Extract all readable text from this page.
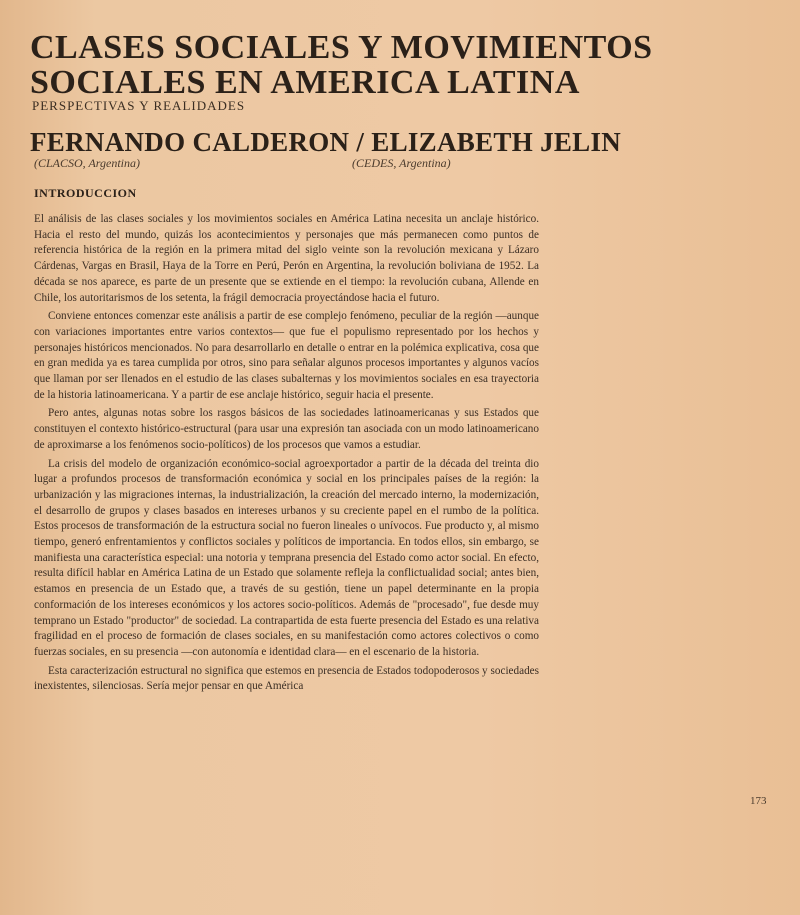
CLASES SOCIALES Y MOVIMIENTOS SOCIALES EN AMERICA LATINA
PERSPECTIVAS Y REALIDADES
FERNANDO CALDERON / ELIZABETH JELIN
(CLACSO, Argentina)	(CEDES, Argentina)
INTRODUCCION

El análisis de las clases sociales y los movimientos sociales en América Latina necesita un anclaje histórico. Hacia el resto del mundo, quizás los acontecimientos y personajes que más permanecen como puntos de referencia histórica de la región en la primera mitad del siglo veinte son la revolución mexicana y Lázaro Cárdenas, Vargas en Brasil, Haya de la Torre en Perú, Perón en Argentina, la revolución boliviana de 1952. La década se nos aparece, es parte de un presente que se extiende en el tiempo: la revolución cubana, Allende en Chile, los autoritarismos de los setenta, la frágil democracia proyectándose hacia el futuro.

Conviene entonces comenzar este análisis a partir de ese complejo fenómeno, peculiar de la región —aunque con variaciones importantes entre varios contextos— que fue el populismo representado por los hechos y personajes históricos mencionados. No para desarrollarlo en detalle o entrar en la polémica explicativa, cosa que en gran medida ya es tarea cumplida por otros, sino para señalar algunos procesos importantes y algunos vacíos que llaman por ser llenados en el estudio de las clases subalternas y los movimientos sociales en esa trayectoria de la historia latinoamericana. Y a partir de ese anclaje histórico, seguir hacia el presente.

Pero antes, algunas notas sobre los rasgos básicos de las sociedades latinoamericanas y sus Estados que constituyen el contexto histórico-estructural (para usar una expresión tan asociada con un modo latinoamericano de aproximarse a los fenómenos socio-políticos) de los procesos que vamos a estudiar.

La crisis del modelo de organización económico-social agroexportador a partir de la década del treinta dio lugar a profundos procesos de transformación económica y social en los principales países de la región: la urbanización y las migraciones internas, la industrialización, la creación del mercado interno, la modernización, el desarrollo de grupos y clases basados en intereses urbanos y su creciente papel en el rumbo de la política. Estos procesos de transformación de la estructura social no fueron lineales o unívocos. Fue producto y, al mismo tiempo, generó enfrentamientos y conflictos sociales y políticos de importancia. En todos ellos, sin embargo, se manifiesta una característica especial: una notoria y temprana presencia del Estado como actor social. En efecto, resulta difícil hablar en América Latina de un Estado que solamente refleja la conflictualidad social; antes bien, estamos en presencia de un Estado que, a través de su gestión, tiene un papel determinante en la propia conformación de los intereses económicos y los actores socio-políticos. Además de "procesado", fue desde muy temprano un Estado "productor" de sociedad. La contrapartida de esta fuerte presencia del Estado es una relativa fragilidad en el proceso de formación de clases sociales, en su manifestación como actores colectivos o como fuerzas sociales, en su presencia —con autonomía e identidad clara— en el escenario de la historia.

Esta caracterización estructural no significa que estemos en presencia de Estados todopoderosos y sociedades inexistentes, silenciosas. Sería mejor pensar en que América

173
